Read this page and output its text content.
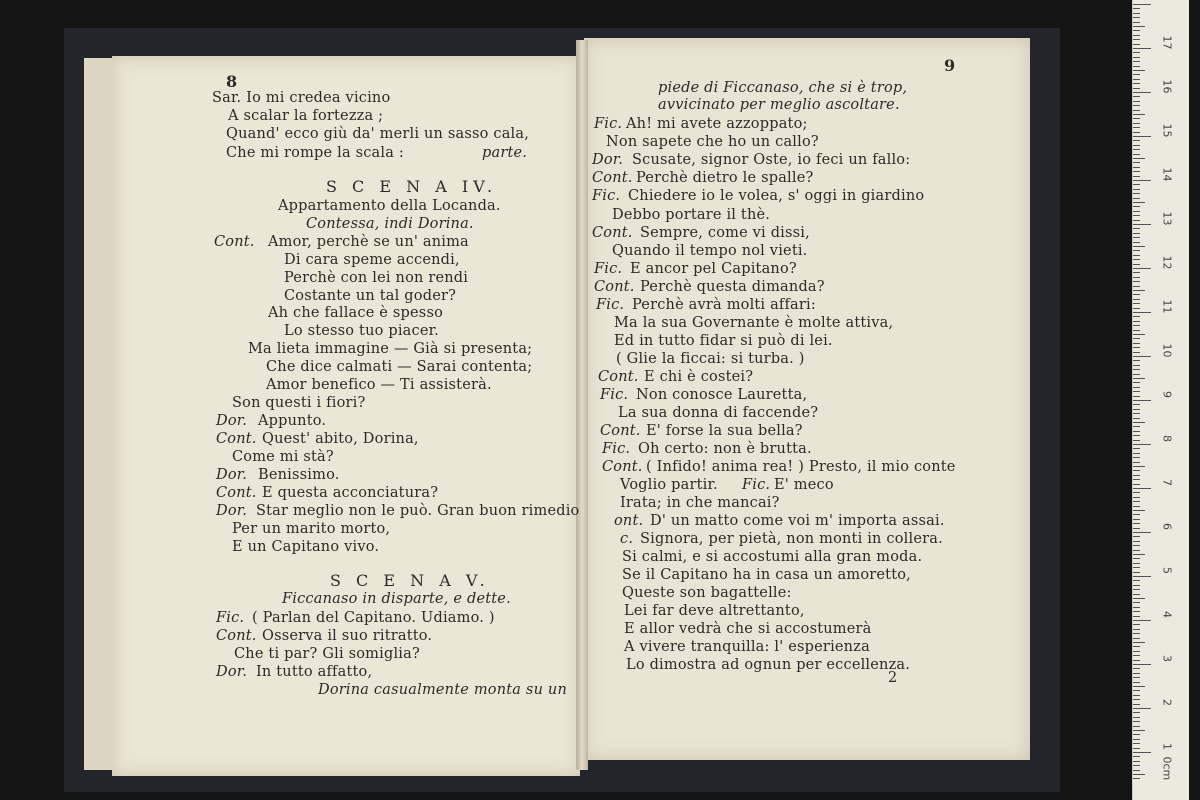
8
9
Sar. Io mi credea vicino
A scalar la fortezza ;
Quand' ecco giù da' merli un sasso cala,
Che mi rompe la scala :	parte.
S C E N A IV.
Appartamento della Locanda.
Contessa, indi Dorina.
Cont. Amor, perchè se un' anima
Di cara speme accendi,
Perchè con lei non rendi
Costante un tal goder?
Ah che fallace è spesso
Lo stesso tuo piacer.
Ma lieta immagine — Già si presenta;
Che dice calmati — Sarai contenta;
Amor benefico — Ti assisterà.
Son questi i fiori?
Dor. Appunto.
Cont. Quest' abito, Dorina,
Come mi stà?
Dor. Benissimo.
Cont. E questa acconciatura?
Dor. Star meglio non le può. Gran buon rimedio
Per un marito morto,
E un Capitano vivo.
S C E N A V.
Ficcanaso in disparte, e dette.
Fic. ( Parlan del Capitano. Udiamo. )
Cont. Osserva il suo ritratto.
Che ti par? Gli somiglia?
Dor. In tutto affatto,
Dorina casualmente monta su un
piede di Ficcanaso, che si è trop,
avvicinato per meglio ascoltare.
Fic. Ah! mi avete azzoppato;
Non sapete che ho un callo?
Dor. Scusate, signor Oste, io feci un fallo:
Cont. Perchè dietro le spalle?
Fic. Chiedere io le volea, s' oggi in giardino
Debbo portare il thè.
Cont. Sempre, come vi dissi,
Quando il tempo nol vieti.
Fic. E ancor pel Capitano?
Cont. Perchè questa dimanda?
Fic. Perchè avrà molti affari:
Ma la sua Governante è molte attiva,
Ed in tutto fidar si può di lei.
( Glie la ficcai: si turba. )
Cont. E chi è costei?
Fic. Non conosce Lauretta,
La sua donna di faccende?
Cont. E' forse la sua bella?
Fic. Oh certo: non è brutta.
Cont. ( Infido! anima rea! ) Presto, il mio conte
Voglio partir. Fic. E' meco
Irata; in che mancai?
ont. D' un matto come voi m' importa assai.
c. Signora, per pietà, non monti in collera.
Si calmi, e si accostumi alla gran moda.
Se il Capitano ha in casa un amoretto,
Queste son bagattelle:
Lei far deve altrettanto,
E allor vedrà che si accostumerà
A vivere tranquilla: l' esperienza
Lo dimostra ad ognun per eccellenza.
2
17
16
15
14
13
12
11
10
9
8
7
6
5
4
3
2
1
0cm
